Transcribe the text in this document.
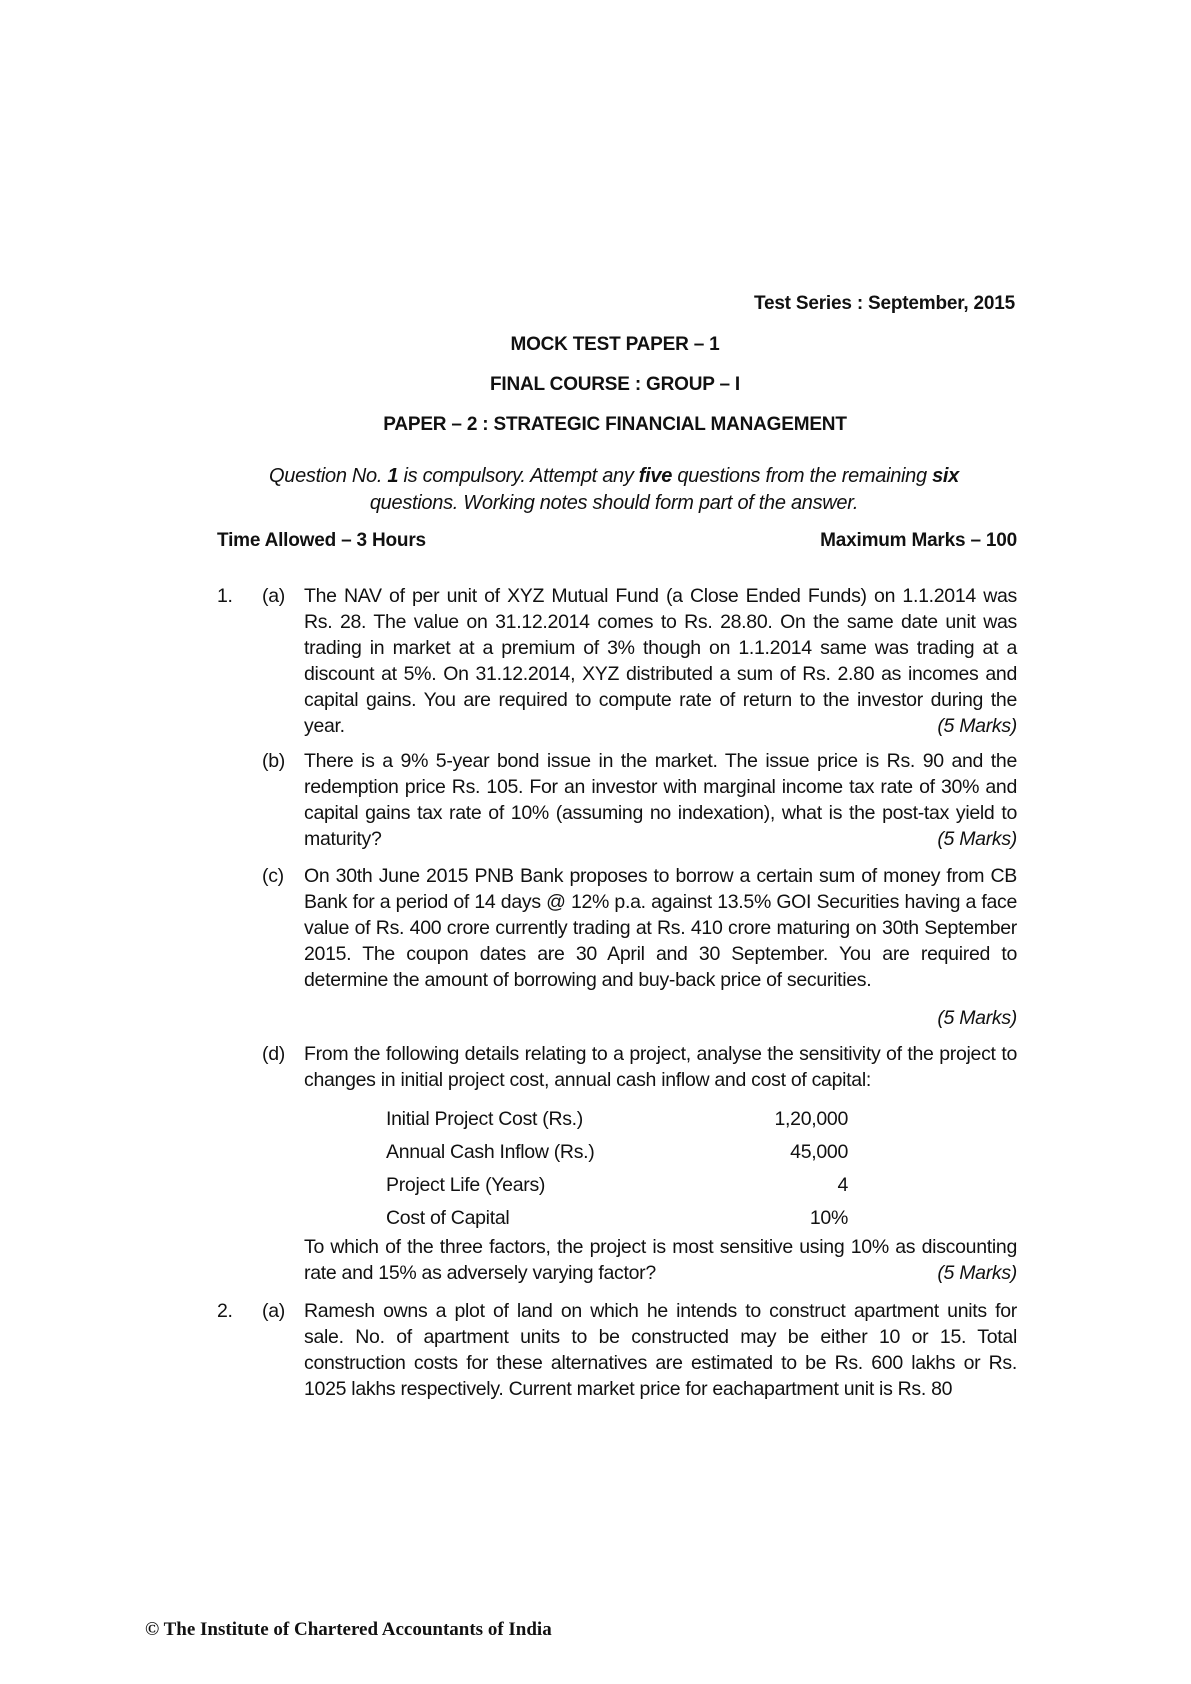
Test Series : September, 2015
MOCK TEST PAPER – 1
FINAL COURSE : GROUP – I
PAPER – 2 : STRATEGIC FINANCIAL MANAGEMENT
Question No. 1 is compulsory. Attempt any five questions from the remaining six questions. Working notes should form part of the answer.
Time Allowed – 3 Hours	Maximum Marks – 100
1. (a) The NAV of per unit of XYZ Mutual Fund (a Close Ended Funds) on 1.1.2014 was Rs. 28. The value on 31.12.2014 comes to Rs. 28.80. On the same date unit was trading in market at a premium of 3% though on 1.1.2014 same was trading at a discount at 5%. On 31.12.2014, XYZ distributed a sum of Rs. 2.80 as incomes and capital gains. You are required to compute rate of return to the investor during the year.	(5 Marks)
(b) There is a 9% 5-year bond issue in the market. The issue price is Rs. 90 and the redemption price Rs. 105. For an investor with marginal income tax rate of 30% and capital gains tax rate of 10% (assuming no indexation), what is the post-tax yield to maturity?	(5 Marks)
(c) On 30th June 2015 PNB Bank proposes to borrow a certain sum of money from CB Bank for a period of 14 days @ 12% p.a. against 13.5% GOI Securities having a face value of Rs. 400 crore currently trading at Rs. 410 crore maturing on 30th September 2015. The coupon dates are 30 April and 30 September. You are required to determine the amount of borrowing and buy-back price of securities.
(5 Marks)
(d) From the following details relating to a project, analyse the sensitivity of the project to changes in initial project cost, annual cash inflow and cost of capital:
Initial Project Cost (Rs.)	1,20,000
Annual Cash Inflow (Rs.)	45,000
Project Life (Years)	4
Cost of Capital	10%
To which of the three factors, the project is most sensitive using 10% as discounting rate and 15% as adversely varying factor?	(5 Marks)
2. (a) Ramesh owns a plot of land on which he intends to construct apartment units for sale. No. of apartment units to be constructed may be either 10 or 15. Total construction costs for these alternatives are estimated to be Rs. 600 lakhs or Rs. 1025 lakhs respectively. Current market price for eachapartment unit is Rs. 80
© The Institute of Chartered Accountants of India
